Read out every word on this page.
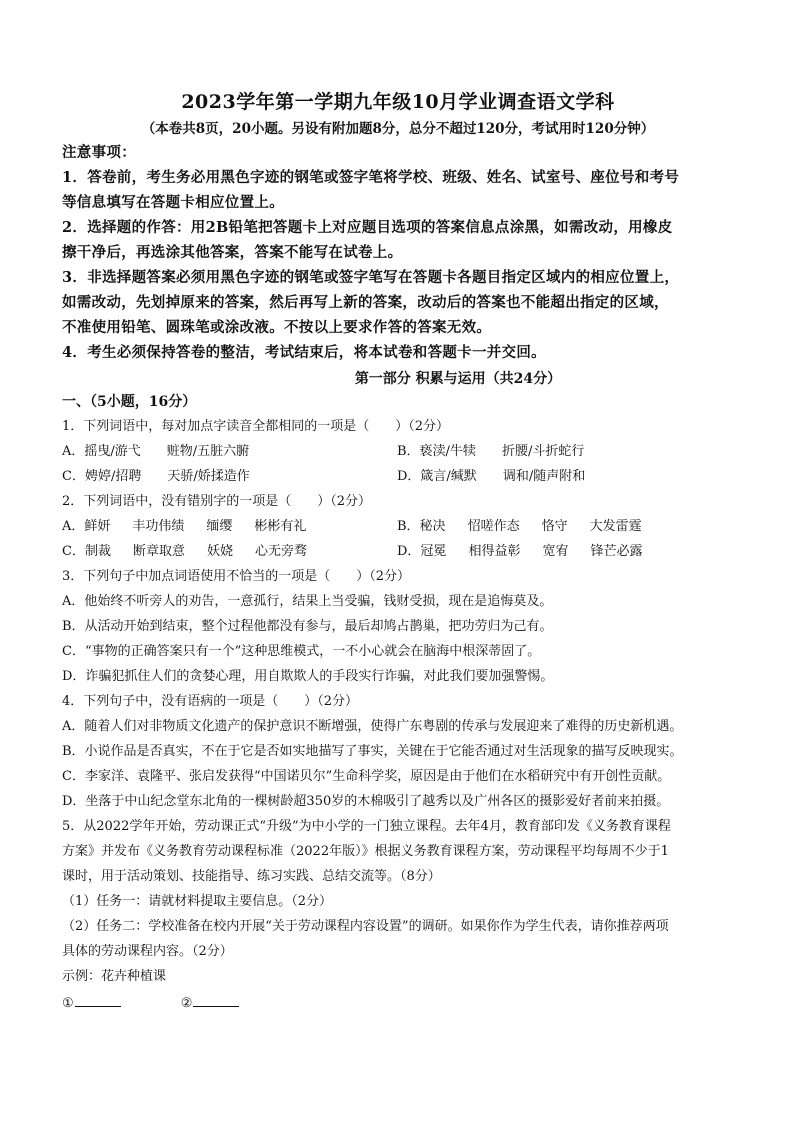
2023学年第一学期九年级10月学业调查语文学科
（本卷共8页，20小题。另设有附加题8分，总分不超过120分，考试用时120分钟）
注意事项：
1．答卷前，考生务必用黑色字迹的钢笔或签字笔将学校、班级、姓名、试室号、座位号和考号
等信息填写在答题卡相应位置上。
2．选择题的作答：用2B铅笔把答题卡上对应题目选项的答案信息点涂黑，如需改动，用橡皮
擦干净后，再选涂其他答案，答案不能写在试卷上。
3．非选择题答案必须用黑色字迹的钢笔或签字笔写在答题卡各题目指定区域内的相应位置上，
如需改动，先划掉原来的答案，然后再写上新的答案，改动后的答案也不能超出指定的区域，
不准使用铅笔、圆珠笔或涂改液。不按以上要求作答的答案无效。
4．考生必须保持答卷的整洁，考试结束后，将本试卷和答题卡一并交回。
第一部分 积累与运用（共24分）
一、（5小题，16分）
1．下列词语中，每对加点字读音全都相同的一项是（　　）（2分）
A．摇曳/游弋 赃物/五脏六腑	B．亵渎/牛犊 折腰/斗折蛇行
C．娉婷/招聘 天骄/娇揉造作	D．箴言/缄默 调和/随声附和
2．下列词语中，没有错别字的一项是（　　）（2分）
A．鲜妍 丰功伟绩 缅缨 彬彬有礼	B．秘决 怊嗟作态 恪守 大发雷霆
C．制裁 断章取意 妖娆 心无旁骛	D．冠冕 相得益彰 宽宥 锋芒必露
3．下列句子中加点词语使用不恰当的一项是（　　）（2分）
A．他始终不听旁人的劝告，一意孤行，结果上当受骗，钱财受损，现在是追悔莫及。
B．从活动开始到结束，整个过程他都没有参与，最后却鸠占鹊巢，把功劳归为己有。
C．“事物的正确答案只有一个”这种思维模式，一不小心就会在脑海中根深蒂固了。
D．诈骗犯抓住人们的贪婪心理，用自欺欺人的手段实行诈骗，对此我们要加强警惕。
4．下列句子中，没有语病的一项是（　　）（2分）
A．随着人们对非物质文化遗产的保护意识不断增强，使得广东粤剧的传承与发展迎来了难得的历史新机遇。
B．小说作品是否真实，不在于它是否如实地描写了事实，关键在于它能否通过对生活现象的描写反映现实。
C．李家洋、袁隆平、张启发获得“中国诺贝尔”生命科学奖，原因是由于他们在水稻研究中有开创性贡献。
D．坐落于中山纪念堂东北角的一棵树龄超350岁的木棉吸引了越秀以及广州各区的摄影爱好者前来拍摄。
5．从2022学年开始，劳动课正式“升级”为中小学的一门独立课程。去年4月，教育部印发《义务教育课程
方案》并发布《义务教育劳动课程标准（2022年版）》根据义务教育课程方案，劳动课程平均每周不少于1
课时，用于活动策划、技能指导、练习实践、总结交流等。（8分）
（1）任务一：请就材料提取主要信息。（2分）
（2）任务二：学校准备在校内开展“关于劳动课程内容设置”的调研。如果你作为学生代表，请你推荐两项
具体的劳动课程内容。（2分）
示例：花卉种植课
①	②
